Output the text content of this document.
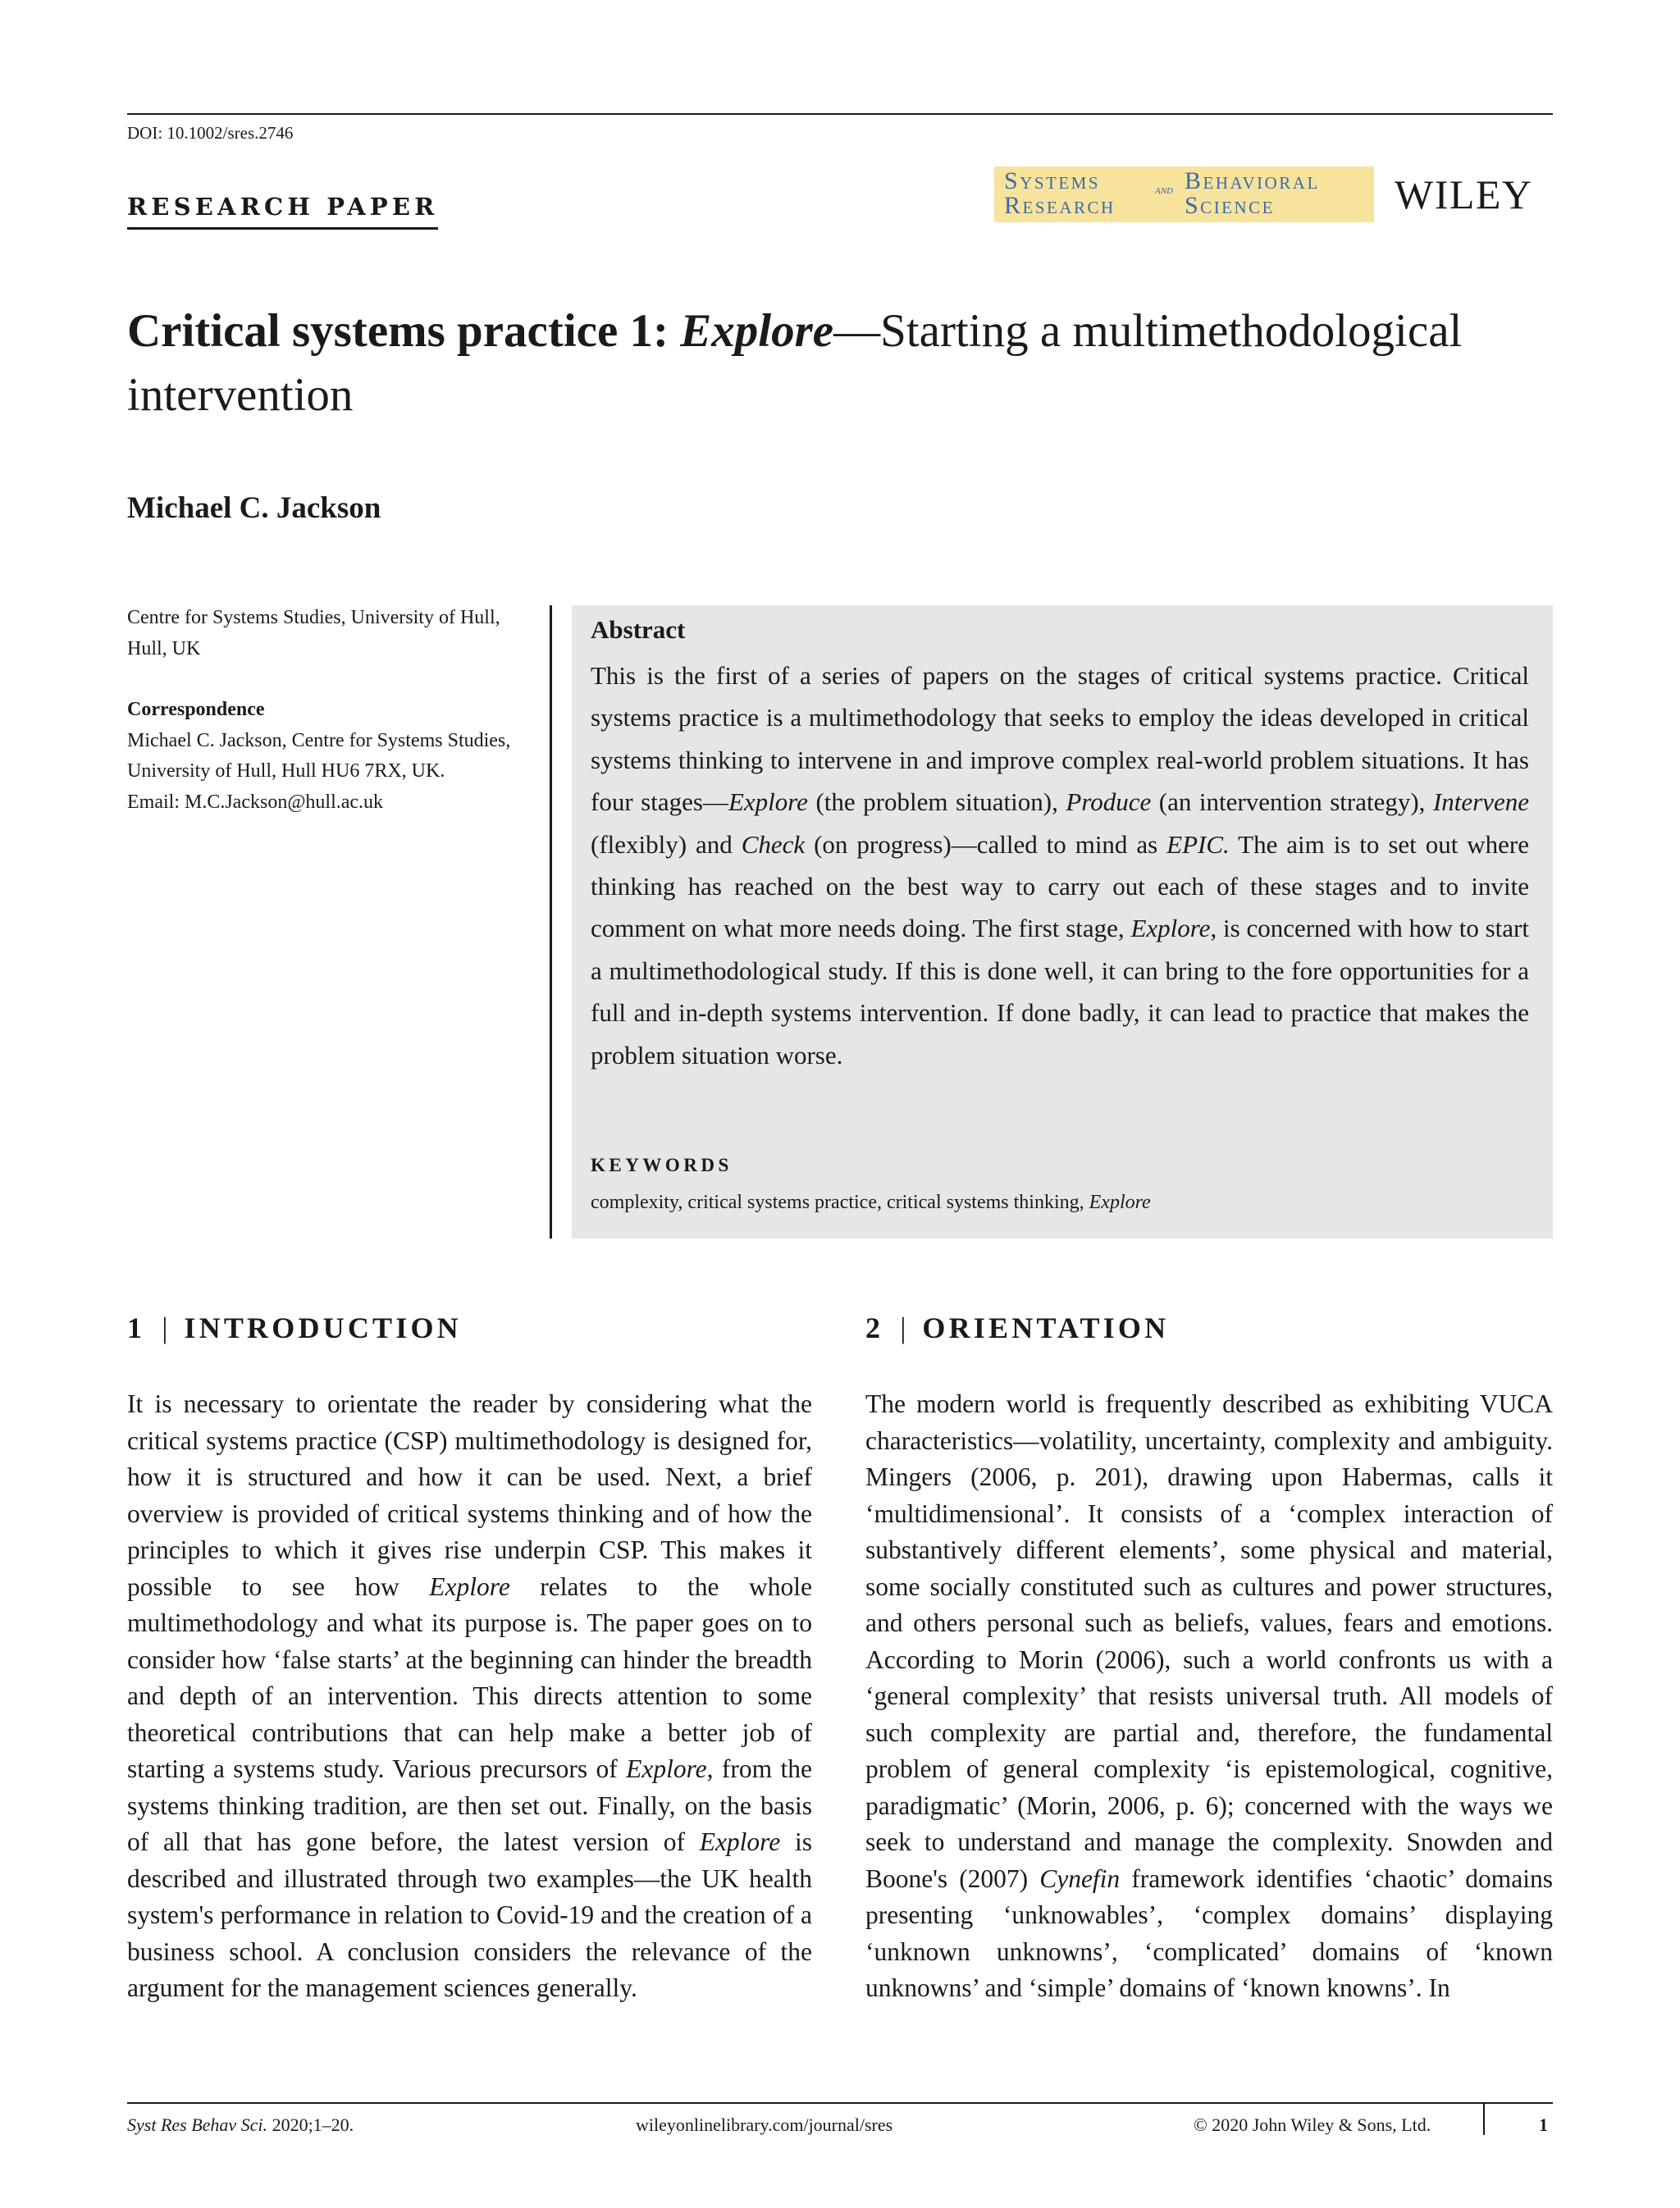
DOI: 10.1002/sres.2746
RESEARCH PAPER
Systems
Research
and Behavioral
Science	WILEY
Critical systems practice 1: Explore—Starting a multimethodological intervention
Michael C. Jackson
Centre for Systems Studies, University of Hull, Hull, UK
Correspondence
Michael C. Jackson, Centre for Systems Studies, University of Hull, Hull HU6 7RX, UK.
Email: M.C.Jackson@hull.ac.uk
Abstract
This is the first of a series of papers on the stages of critical systems practice. Critical systems practice is a multimethodology that seeks to employ the ideas developed in critical systems thinking to intervene in and improve complex real-world problem situations. It has four stages—Explore (the problem situation), Produce (an intervention strategy), Intervene (flexibly) and Check (on progress)—called to mind as EPIC. The aim is to set out where thinking has reached on the best way to carry out each of these stages and to invite comment on what more needs doing. The first stage, Explore, is concerned with how to start a multimethodological study. If this is done well, it can bring to the fore opportunities for a full and in-depth systems intervention. If done badly, it can lead to practice that makes the problem situation worse.
KEYWORDS
complexity, critical systems practice, critical systems thinking, Explore
1 | INTRODUCTION
It is necessary to orientate the reader by considering what the critical systems practice (CSP) multimethodology is designed for, how it is structured and how it can be used. Next, a brief overview is provided of critical systems thinking and of how the principles to which it gives rise underpin CSP. This makes it possible to see how Explore relates to the whole multimethodology and what its purpose is. The paper goes on to consider how ‘false starts’ at the beginning can hinder the breadth and depth of an intervention. This directs attention to some theoretical contributions that can help make a better job of starting a systems study. Various precursors of Explore, from the systems thinking tradition, are then set out. Finally, on the basis of all that has gone before, the latest version of Explore is described and illustrated through two examples—the UK health system's performance in relation to Covid-19 and the creation of a business school. A conclusion considers the relevance of the argument for the management sciences generally.
2 | ORIENTATION
The modern world is frequently described as exhibiting VUCA characteristics—volatility, uncertainty, complexity and ambiguity. Mingers (2006, p. 201), drawing upon Habermas, calls it ‘multidimensional’. It consists of a ‘complex interaction of substantively different elements’, some physical and material, some socially constituted such as cultures and power structures, and others personal such as beliefs, values, fears and emotions. According to Morin (2006), such a world confronts us with a ‘general complexity’ that resists universal truth. All models of such complexity are partial and, therefore, the fundamental problem of general complexity ‘is epistemological, cognitive, paradigmatic’ (Morin, 2006, p. 6); concerned with the ways we seek to understand and manage the complexity. Snowden and Boone's (2007) Cynefin framework identifies ‘chaotic’ domains presenting ‘unknowables’, ‘complex domains’ displaying ‘unknown unknowns’, ‘complicated’ domains of ‘known unknowns’ and ‘simple’ domains of ‘known knowns’. In
Syst Res Behav Sci. 2020;1–20.	wileyonlinelibrary.com/journal/sres	© 2020 John Wiley & Sons, Ltd.	1
